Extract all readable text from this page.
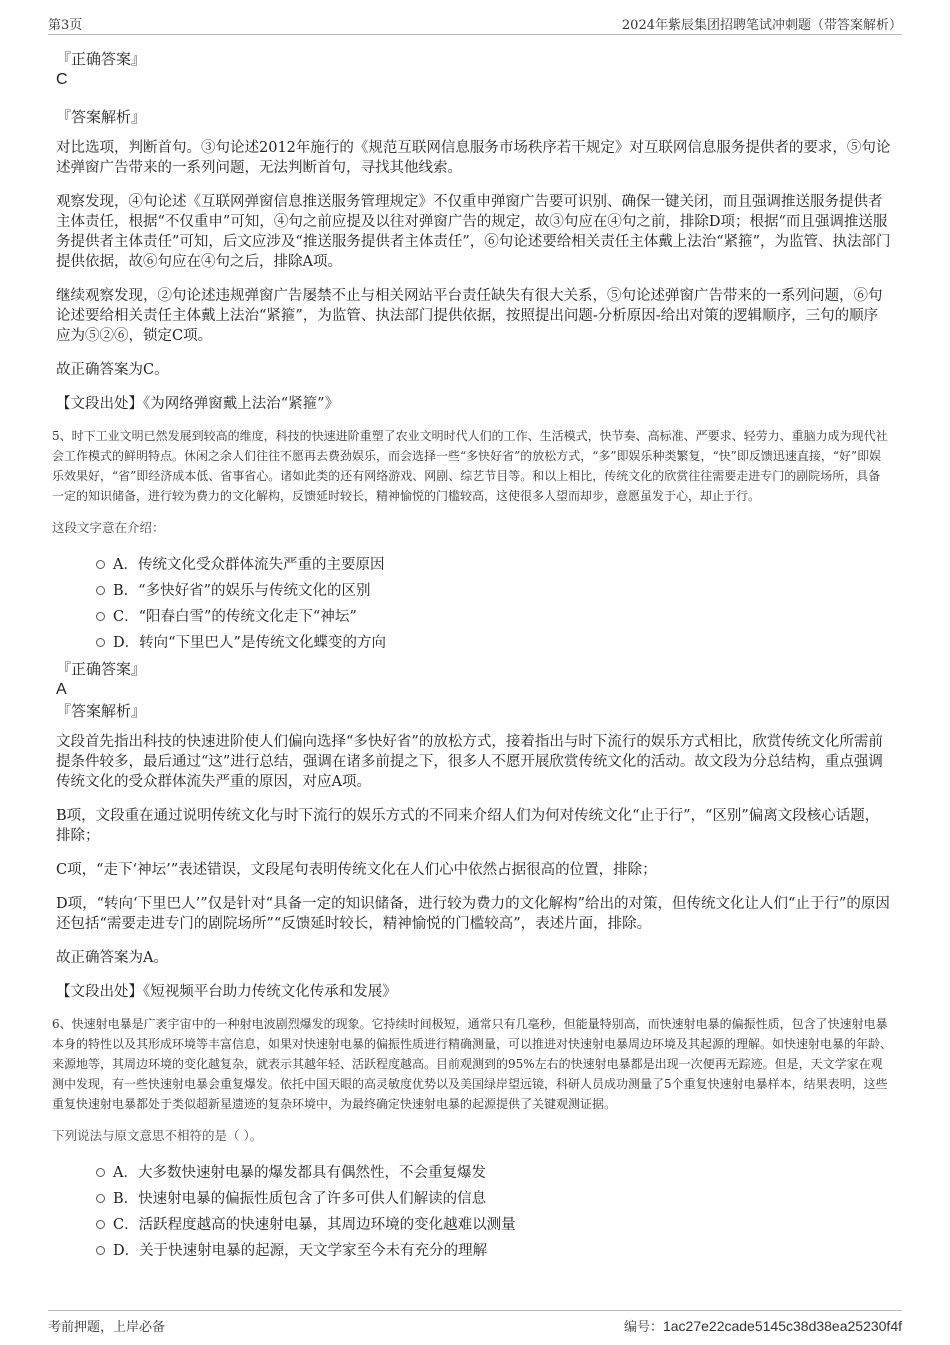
第3页	2024年紫辰集团招聘笔试冲刺题（带答案解析）
『正确答案』
C
『答案解析』

对比选项，判断首句。③句论述2012年施行的《规范互联网信息服务市场秩序若干规定》对互联网信息服务提供者的要求，⑤句论述弹窗广告带来的一系列问题，无法判断首句，寻找其他线索。

观察发现，④句论述《互联网弹窗信息推送服务管理规定》不仅重申弹窗广告要可识别、确保一键关闭，而且强调推送服务提供者主体责任，根据“不仅重申”可知，④句之前应提及以往对弹窗广告的规定，故③句应在④句之前，排除D项；根据“而且强调推送服务提供者主体责任”可知，后文应涉及“推送服务提供者主体责任”，⑥句论述要给相关责任主体戴上法治“紧箍”，为监管、执法部门提供依据，故⑥句应在④句之后，排除A项。

继续观察发现，②句论述违规弹窗广告屡禁不止与相关网站平台责任缺失有很大关系，⑤句论述弹窗广告带来的一系列问题，⑥句论述要给相关责任主体戴上法治“紧箍”，为监管、执法部门提供依据，按照提出问题-分析原因-给出对策的逻辑顺序，三句的顺序应为⑤②⑥，锁定C项。

故正确答案为C。

【文段出处】《为网络弹窗戴上法治“紧箍”》

5、时下工业文明已然发展到较高的维度，科技的快速进阶重塑了农业文明时代人们的工作、生活模式，快节奏、高标准、严要求、轻劳力、重脑力成为现代社会工作模式的鲜明特点。休闲之余人们往往不愿再去费劲娱乐，而会选择一些“多快好省”的放松方式，“多”即娱乐种类繁复，“快”即反馈迅速直接，“好”即娱乐效果好，“省”即经济成本低、省事省心。诸如此类的还有网络游戏、网剧、综艺节目等。和以上相比，传统文化的欣赏往往需要走进专门的剧院场所，具备一定的知识储备，进行较为费力的文化解构，反馈延时较长，精神愉悦的门槛较高，这使很多人望而却步，意愿虽发于心，却止于行。

这段文字意在介绍：

A．传统文化受众群体流失严重的主要原因
B．“多快好省”的娱乐与传统文化的区别
C．“阳春白雪”的传统文化走下“神坛”
D．转向“下里巴人”是传统文化蝶变的方向
『正确答案』
A
『答案解析』

文段首先指出科技的快速进阶使人们偏向选择“多快好省”的放松方式，接着指出与时下流行的娱乐方式相比，欣赏传统文化所需前提条件较多，最后通过“这”进行总结，强调在诸多前提之下，很多人不愿开展欣赏传统文化的活动。故文段为分总结构，重点强调传统文化的受众群体流失严重的原因，对应A项。

B项，文段重在通过说明传统文化与时下流行的娱乐方式的不同来介绍人们为何对传统文化“止于行”，“区别”偏离文段核心话题，排除；

C项，“走下‘神坛’”表述错误，文段尾句表明传统文化在人们心中依然占据很高的位置，排除；

D项，“转向‘下里巴人’”仅是针对“具备一定的知识储备，进行较为费力的文化解构”给出的对策，但传统文化让人们“止于行”的原因还包括“需要走进专门的剧院场所”“反馈延时较长，精神愉悦的门槛较高”，表述片面，排除。

故正确答案为A。

【文段出处】《短视频平台助力传统文化传承和发展》

6、快速射电暴是广袤宇宙中的一种射电波剧烈爆发的现象。它持续时间极短，通常只有几毫秒，但能量特别高，而快速射电暴的偏振性质，包含了快速射电暴本身的特性以及其形成环境等丰富信息，如果对快速射电暴的偏振性质进行精确测量，可以推进对快速射电暴周边环境及其起源的理解。如快速射电暴的年龄、来源地等，其周边环境的变化越复杂，就表示其越年轻、活跃程度越高。目前观测到的95%左右的快速射电暴都是出现一次便再无踪迹。但是，天文学家在观测中发现，有一些快速射电暴会重复爆发。依托中国天眼的高灵敏度优势以及美国绿岸望远镜，科研人员成功测量了5个重复快速射电暴样本，结果表明，这些重复快速射电暴都处于类似超新星遗迹的复杂环境中，为最终确定快速射电暴的起源提供了关键观测证据。

下列说法与原文意思不相符的是（ ）。

A．大多数快速射电暴的爆发都具有偶然性，不会重复爆发
B．快速射电暴的偏振性质包含了许多可供人们解读的信息
C．活跃程度越高的快速射电暴，其周边环境的变化越难以测量
D．关于快速射电暴的起源，天文学家至今未有充分的理解
考前押题，上岸必备	编号：1ac27e22cade5145c38d38ea25230f4f
